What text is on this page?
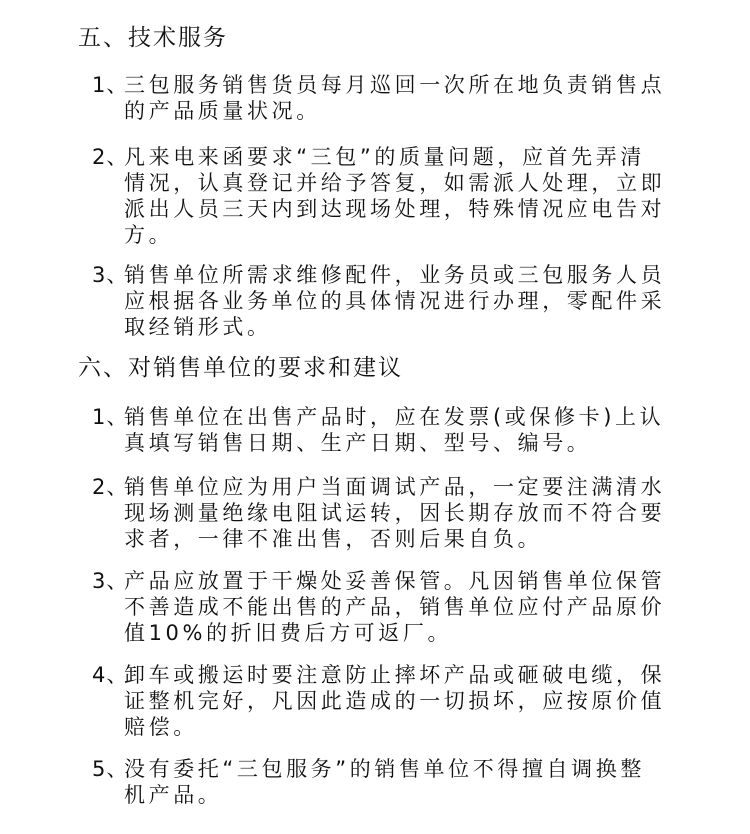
五、技术服务
1、
三包服务销售货员每月巡回一次所在地负责销售点
的产品质量状况。
2、
凡来电来函要求“三包”的质量问题，应首先弄清
情况，认真登记并给予答复，如需派人处理，立即
派出人员三天内到达现场处理，特殊情况应电告对
方。
3、
销售单位所需求维修配件，业务员或三包服务人员
应根据各业务单位的具体情况进行办理，零配件采
取经销形式。
六、对销售单位的要求和建议
1、
销售单位在出售产品时，应在发票(或保修卡)上认
真填写销售日期、生产日期、型号、编号。
2、
销售单位应为用户当面调试产品，一定要注满清水
现场测量绝缘电阻试运转，因长期存放而不符合要
求者，一律不准出售，否则后果自负。
3、
产品应放置于干燥处妥善保管。凡因销售单位保管
不善造成不能出售的产品，销售单位应付产品原价
值10%的折旧费后方可返厂。
4、
卸车或搬运时要注意防止摔坏产品或砸破电缆，保
证整机完好，凡因此造成的一切损坏，应按原价值
赔偿。
5、
没有委托“三包服务”的销售单位不得擅自调换整
机产品。
